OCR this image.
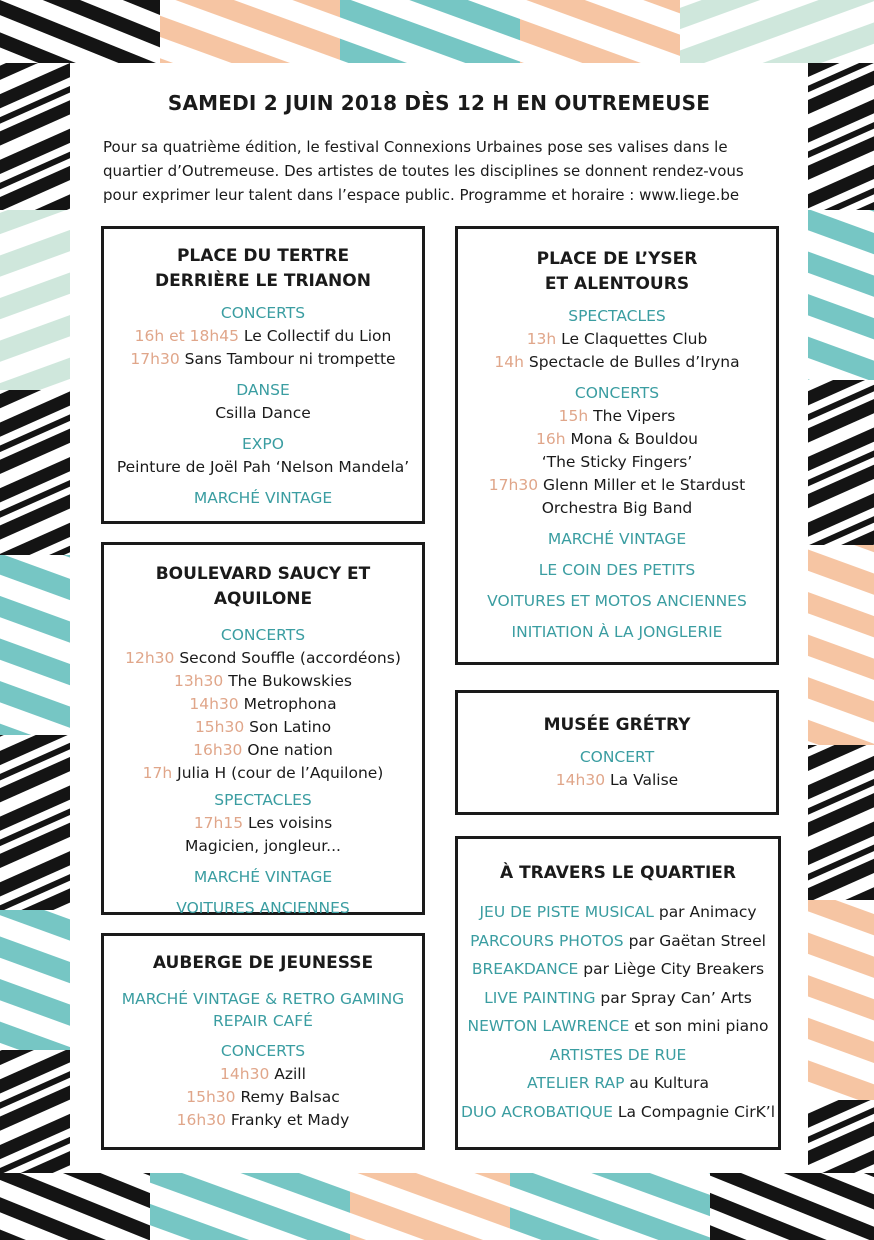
SAMEDI 2 JUIN 2018 DÈS 12 H EN OUTREMEUSE
Pour sa quatrième édition, le festival Connexions Urbaines pose ses valises dans le
quartier d’Outremeuse. Des artistes de toutes les disciplines se donnent rendez-vous
pour exprimer leur talent dans l’espace public. Programme et horaire : www.liege.be
PLACE DU TERTRE
DERRIÈRE LE TRIANON
CONCERTS
16h et 18h45 Le Collectif du Lion
17h30 Sans Tambour ni trompette
DANSE
Csilla Dance
EXPO
Peinture de Joël Pah ‘Nelson Mandela’
MARCHÉ VINTAGE
BOULEVARD SAUCY ET AQUILONE
CONCERTS
12h30 Second Souffle (accordéons)
13h30 The Bukowskies
14h30 Metrophona
15h30 Son Latino
16h30 One nation
17h Julia H (cour de l’Aquilone)
SPECTACLES
17h15 Les voisins
Magicien, jongleur...
MARCHÉ VINTAGE
VOITURES ANCIENNES
AUBERGE DE JEUNESSE
MARCHÉ VINTAGE & RETRO GAMING
REPAIR CAFÉ
CONCERTS
14h30 Azill
15h30 Remy Balsac
16h30 Franky et Mady
PLACE DE L’YSER
ET ALENTOURS
SPECTACLES
13h Le Claquettes Club
14h Spectacle de Bulles d’Iryna
CONCERTS
15h The Vipers
16h Mona & Bouldou
‘The Sticky Fingers’
17h30 Glenn Miller et le Stardust
Orchestra Big Band
MARCHÉ VINTAGE
LE COIN DES PETITS
VOITURES ET MOTOS ANCIENNES
INITIATION À LA JONGLERIE
MUSÉE GRÉTRY
CONCERT
14h30 La Valise
À TRAVERS LE QUARTIER
JEU DE PISTE MUSICAL par Animacy
PARCOURS PHOTOS par Gaëtan Streel
BREAKDANCE par Liège City Breakers
LIVE PAINTING par Spray Can’ Arts
NEWTON LAWRENCE et son mini piano
ARTISTES DE RUE
ATELIER RAP au Kultura
DUO ACROBATIQUE La Compagnie CirK’l
